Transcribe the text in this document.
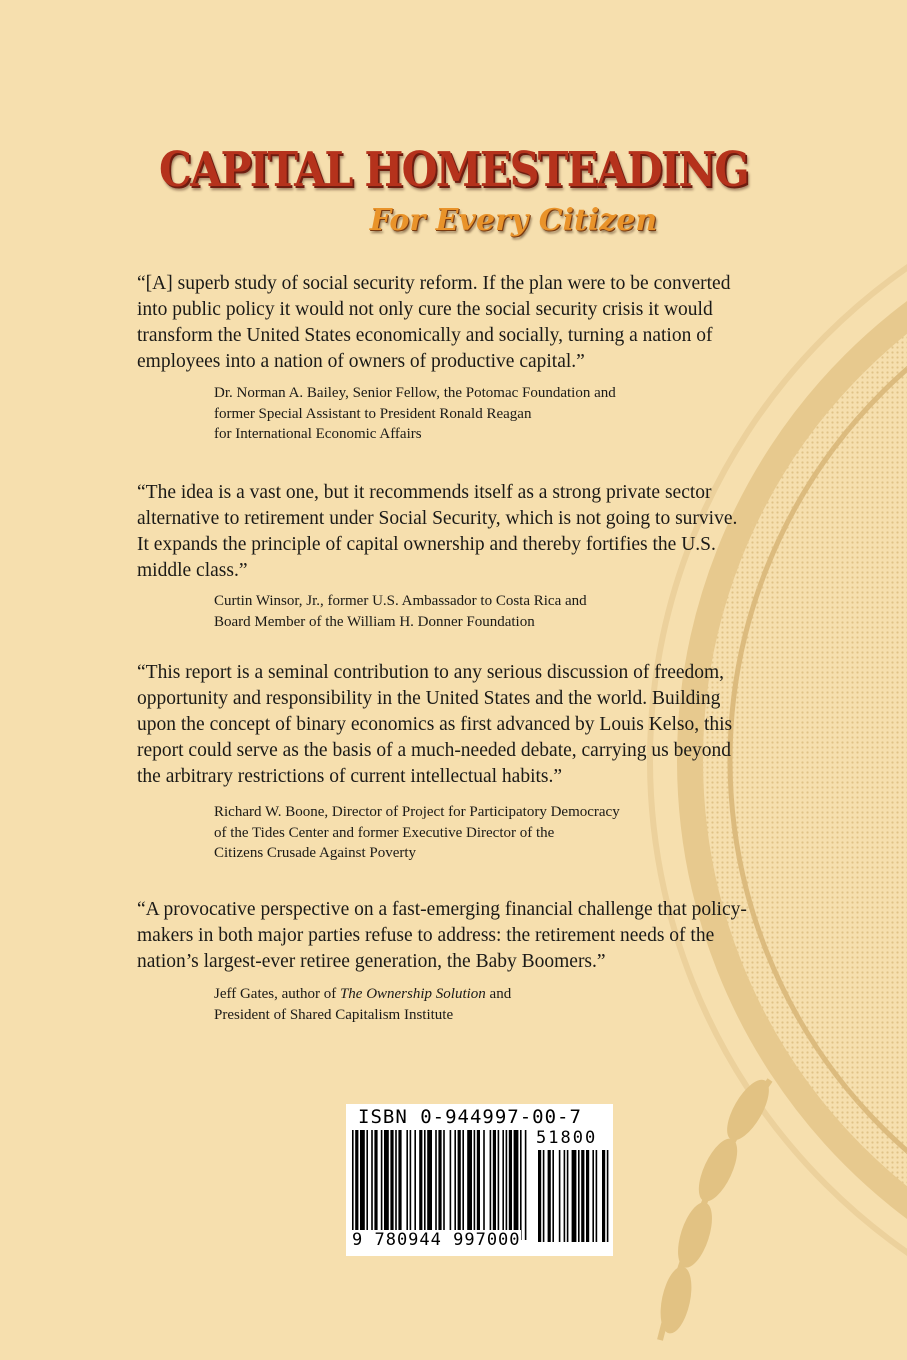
CAPITAL HOMESTEADING
For Every Citizen

“[A] superb study of social security reform. If the plan were to be converted
into public policy it would not only cure the social security crisis it would
transform the United States economically and socially, turning a nation of
employees into a nation of owners of productive capital.”

Dr. Norman A. Bailey, Senior Fellow, the Potomac Foundation and
former Special Assistant to President Ronald Reagan
for International Economic Affairs

“The idea is a vast one, but it recommends itself as a strong private sector
alternative to retirement under Social Security, which is not going to survive.
It expands the principle of capital ownership and thereby fortifies the U.S.
middle class.”

Curtin Winsor, Jr., former U.S. Ambassador to Costa Rica and
Board Member of the William H. Donner Foundation

“This report is a seminal contribution to any serious discussion of freedom,
opportunity and responsibility in the United States and the world. Building
upon the concept of binary economics as first advanced by Louis Kelso, this
report could serve as the basis of a much-needed debate, carrying us beyond
the arbitrary restrictions of current intellectual habits.”

Richard W. Boone, Director of Project for Participatory Democracy
of the Tides Center and former Executive Director of the
Citizens Crusade Against Poverty

“A provocative perspective on a fast-emerging financial challenge that policy-
makers in both major parties refuse to address: the retirement needs of the
nation’s largest-ever retiree generation, the Baby Boomers.”

Jeff Gates, author of The Ownership Solution and
President of Shared Capitalism Institute

ISBN 0-944997-00-7
51800
9 780944 997000
